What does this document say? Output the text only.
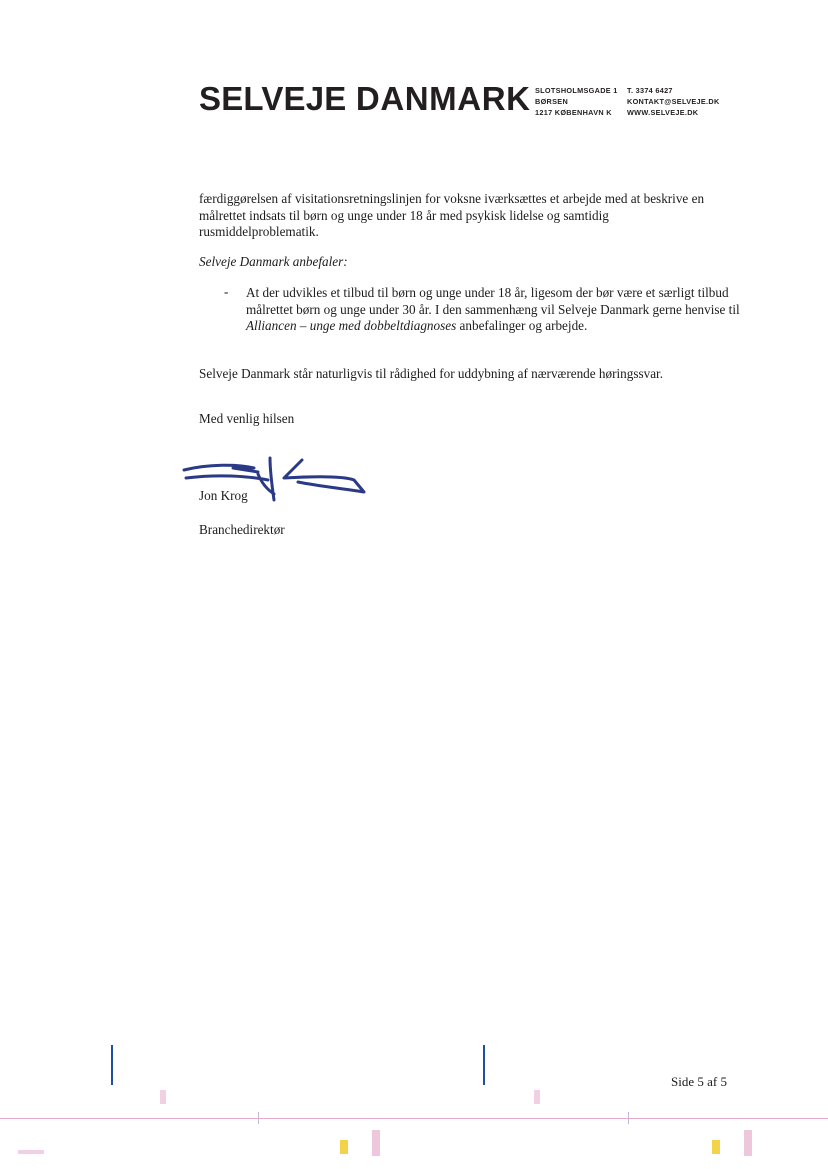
SELVEJE DANMARK SLOTSHOLMSGADE 1
BØRSEN
1217 KØBENHAVN K
T. 3374 6427
KONTAKT@SELVEJE.DK
WWW.SELVEJE.DK
færdiggørelsen af visitationsretningslinjen for voksne iværksættes et arbejde med at beskrive en målrettet indsats til børn og unge under 18 år med psykisk lidelse og samtidig rusmiddelproblematik.
Selveje Danmark anbefaler:
- At der udvikles et tilbud til børn og unge under 18 år, ligesom der bør være et særligt tilbud målrettet børn og unge under 30 år. I den sammenhæng vil Selveje Danmark gerne henvise til Alliancen – unge med dobbeltdiagnoses anbefalinger og arbejde.
Selveje Danmark står naturligvis til rådighed for uddybning af nærværende høringssvar.
Med venlig hilsen
Jon Krog
Branchedirektør
Side 5 af 5
